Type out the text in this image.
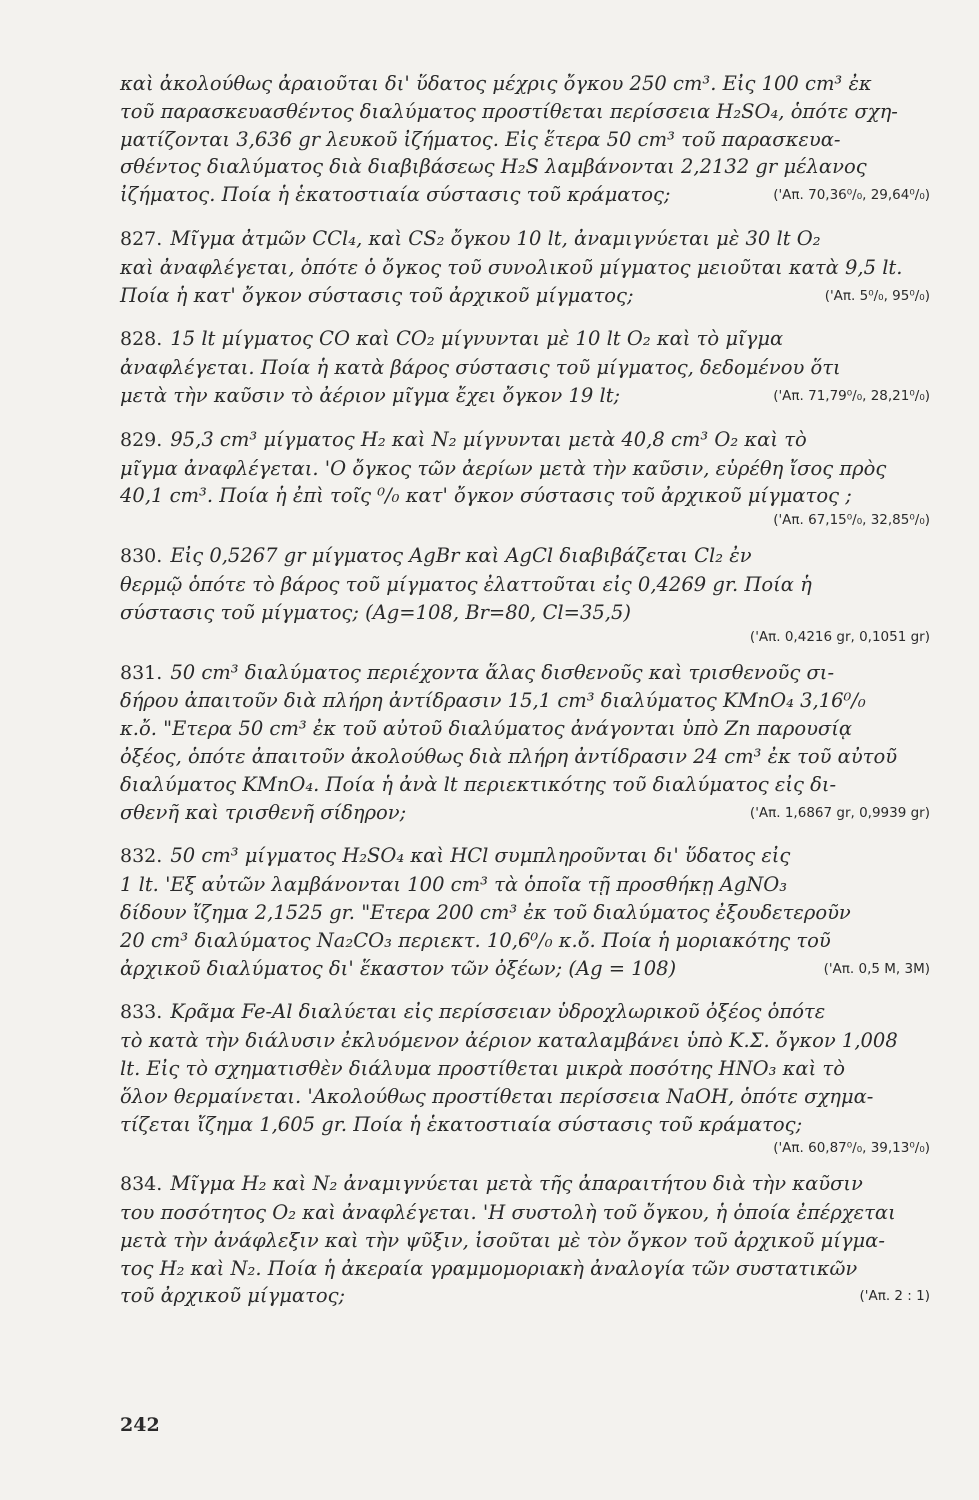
καὶ ἀκολούθως ἀραιοῦται δι' ὕδατος μέχρις ὄγκου 250 cm³. Εἰς 100 cm³ ἐκ

τοῦ παρασκευασθέντος διαλύματος προστίθεται περίσσεια H₂SO₄, ὁπότε σχη-

ματίζονται 3,636 gr λευκοῦ ἰζήματος. Εἰς ἕτερα 50 cm³ τοῦ παρασκευα-

σθέντος διαλύματος διὰ διαβιβάσεως H₂S λαμβάνονται 2,2132 gr μέλανος

ἰζήματος. Ποία ἡ ἑκατοστιαία σύστασις τοῦ κράματος;	('Απ. 70,36⁰/₀, 29,64⁰/₀)

827. Μῖγμα ἀτμῶν CCl₄, καὶ CS₂ ὄγκου 10 lt, ἀναμιγνύεται μὲ 30 lt O₂

καὶ ἀναφλέγεται, ὁπότε ὁ ὄγκος τοῦ συνολικοῦ μίγματος μειοῦται κατὰ 9,5 lt.

Ποία ἡ κατ' ὄγκον σύστασις τοῦ ἀρχικοῦ μίγματος;	('Απ. 5⁰/₀, 95⁰/₀)

828. 15 lt μίγματος CO καὶ CO₂ μίγνυνται μὲ 10 lt O₂ καὶ τὸ μῖγμα

ἀναφλέγεται. Ποία ἡ κατὰ βάρος σύστασις τοῦ μίγματος, δεδομένου ὅτι

μετὰ τὴν καῦσιν τὸ ἀέριον μῖγμα ἔχει ὄγκον 19 lt;	('Απ. 71,79⁰/₀, 28,21⁰/₀)

829. 95,3 cm³ μίγματος H₂ καὶ N₂ μίγνυνται μετὰ 40,8 cm³ O₂ καὶ τὸ

μῖγμα ἀναφλέγεται. 'Ο ὄγκος τῶν ἀερίων μετὰ τὴν καῦσιν, εὑρέθη ἴσος πρὸς

40,1 cm³. Ποία ἡ ἐπὶ τοῖς ⁰/₀ κατ' ὄγκον σύστασις τοῦ ἀρχικοῦ μίγματος ;

('Απ. 67,15⁰/₀, 32,85⁰/₀)

830. Εἰς 0,5267 gr μίγματος AgBr καὶ AgCl διαβιβάζεται Cl₂ ἐν

θερμῷ ὁπότε τὸ βάρος τοῦ μίγματος ἐλαττοῦται εἰς 0,4269 gr. Ποία ἡ

σύστασις τοῦ μίγματος; (Ag=108, Br=80, Cl=35,5)

('Απ. 0,4216 gr, 0,1051 gr)

831. 50 cm³ διαλύματος περιέχοντα ἅλας δισθενοῦς καὶ τρισθενοῦς σι-

δήρου ἀπαιτοῦν διὰ πλήρη ἀντίδρασιν 15,1 cm³ διαλύματος KMnO₄ 3,16⁰/₀

κ.ὄ. "Ετερα 50 cm³ ἐκ τοῦ αὐτοῦ διαλύματος ἀνάγονται ὑπὸ Zn παρουσίᾳ

ὀξέος, ὁπότε ἀπαιτοῦν ἀκολούθως διὰ πλήρη ἀντίδρασιν 24 cm³ ἐκ τοῦ αὐτοῦ

διαλύματος KMnO₄. Ποία ἡ ἀνὰ lt περιεκτικότης τοῦ διαλύματος εἰς δι-

σθενῆ καὶ τρισθενῆ σίδηρον;	('Απ. 1,6867 gr, 0,9939 gr)

832. 50 cm³ μίγματος H₂SO₄ καὶ HCl συμπληροῦνται δι' ὕδατος εἰς

1 lt. 'Εξ αὐτῶν λαμβάνονται 100 cm³ τὰ ὁποῖα τῇ προσθήκῃ AgNO₃

δίδουν ἴζημα 2,1525 gr. "Ετερα 200 cm³ ἐκ τοῦ διαλύματος ἐξουδετεροῦν

20 cm³ διαλύματος Na₂CO₃ περιεκτ. 10,6⁰/₀ κ.ὄ. Ποία ἡ μοριακότης τοῦ

ἀρχικοῦ διαλύματος δι' ἕκαστον τῶν ὀξέων; (Ag = 108)	('Απ. 0,5 M, 3M)

833. Κρᾶμα Fe-Al διαλύεται εἰς περίσσειαν ὑδροχλωρικοῦ ὀξέος ὁπότε

τὸ κατὰ τὴν διάλυσιν ἐκλυόμενον ἀέριον καταλαμβάνει ὑπὸ Κ.Σ. ὄγκον 1,008

lt. Εἰς τὸ σχηματισθὲν διάλυμα προστίθεται μικρὰ ποσότης HNO₃ καὶ τὸ

ὅλον θερμαίνεται. 'Ακολούθως προστίθεται περίσσεια NaOH, ὁπότε σχημα-

τίζεται ἴζημα 1,605 gr. Ποία ἡ ἑκατοστιαία σύστασις τοῦ κράματος;

('Απ. 60,87⁰/₀, 39,13⁰/₀)

834. Μῖγμα H₂ καὶ N₂ ἀναμιγνύεται μετὰ τῆς ἀπαραιτήτου διὰ τὴν καῦσιν

του ποσότητος O₂ καὶ ἀναφλέγεται. 'Η συστολὴ τοῦ ὄγκου, ἡ ὁποία ἐπέρχεται

μετὰ τὴν ἀνάφλεξιν καὶ τὴν ψῦξιν, ἰσοῦται μὲ τὸν ὄγκον τοῦ ἀρχικοῦ μίγμα-

τος H₂ καὶ N₂. Ποία ἡ ἀκεραία γραμμομοριακὴ ἀναλογία τῶν συστατικῶν

τοῦ ἀρχικοῦ μίγματος;	('Απ. 2 : 1)

242
